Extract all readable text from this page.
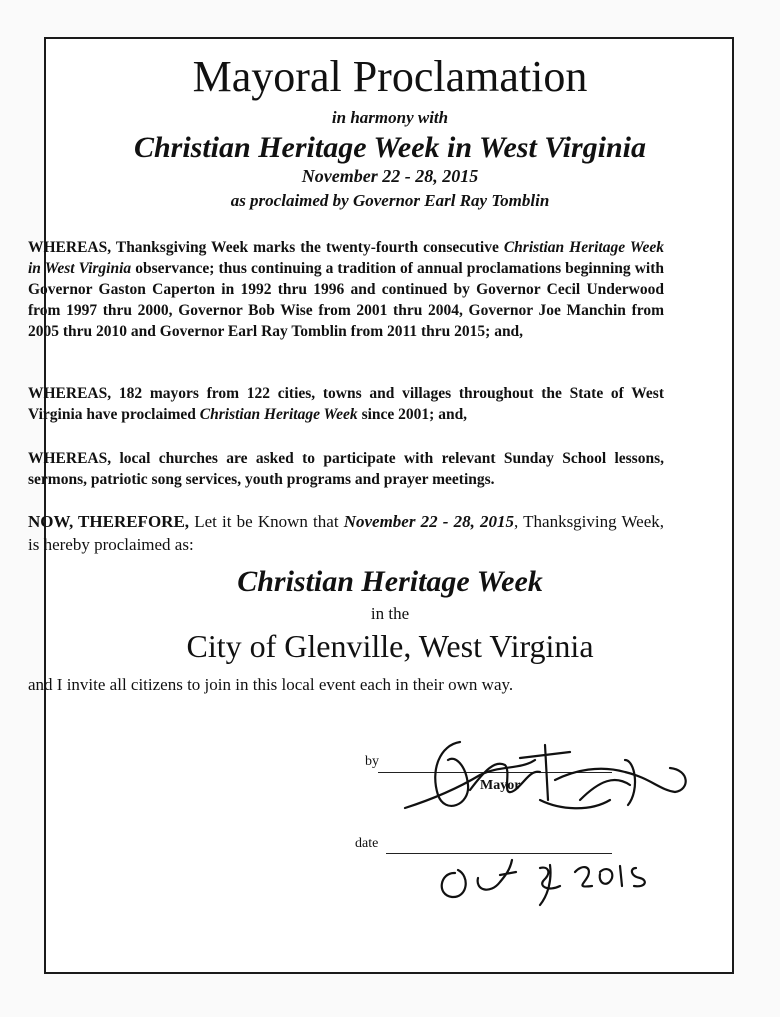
Mayoral Proclamation
in harmony with
Christian Heritage Week in West Virginia
November 22 - 28, 2015
as proclaimed by Governor Earl Ray Tomblin
WHEREAS, Thanksgiving Week marks the twenty-fourth consecutive Christian Heritage Week in West Virginia observance; thus continuing a tradition of annual proclamations beginning with Governor Gaston Caperton in 1992 thru 1996 and continued by Governor Cecil Underwood from 1997 thru 2000, Governor Bob Wise from 2001 thru 2004, Governor Joe Manchin from 2005 thru 2010 and Governor Earl Ray Tomblin from 2011 thru 2015; and,
WHEREAS, 182 mayors from 122 cities, towns and villages throughout the State of West Virginia have proclaimed Christian Heritage Week since 2001; and,
WHEREAS, local churches are asked to participate with relevant Sunday School lessons, sermons, patriotic song services, youth programs and prayer meetings.
NOW, THEREFORE, Let it be Known that November 22 - 28, 2015, Thanksgiving Week, is hereby proclaimed as:
Christian Heritage Week
in the
City of Glenville, West Virginia
and I invite all citizens to join in this local event each in their own way.
by
Mayor
date
